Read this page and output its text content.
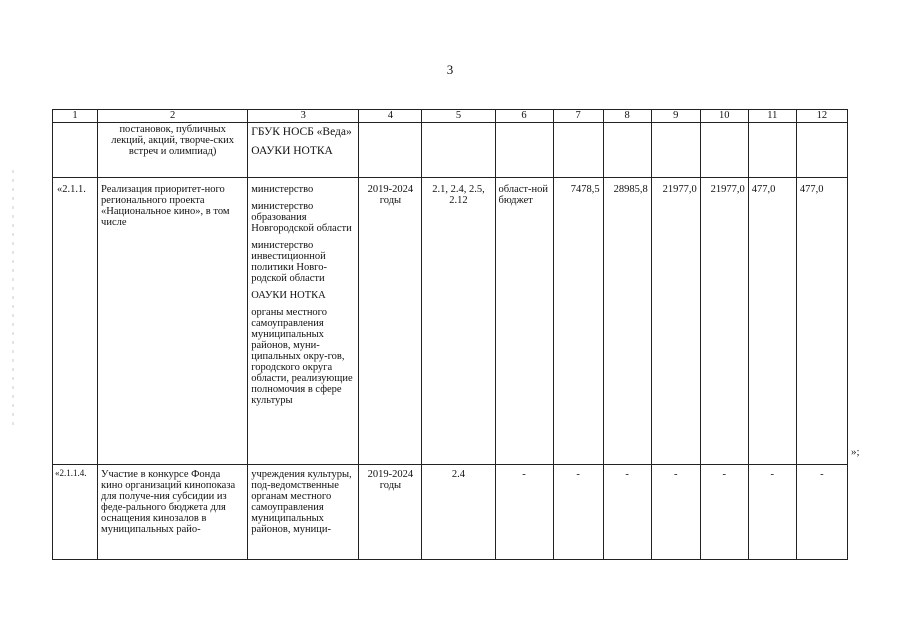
3
1	2	3	4	5	6	7	8	9	10	11	12
	постановок, публичных лекций, акций, творче-ских встреч и олимпиад)	ГБУК НОСБ «Веда»

ОАУКИ НОТКА									

«2.1.1.	Реализация приоритет-ного регионального проекта «Национальное кино», в том числе	министерство

министерство образования Новгородской области

министерство инвестиционной политики Новго-родской области

ОАУКИ НОТКА

органы местного самоуправления муниципальных районов, муни-ципальных окру-гов, городского округа области, реализующие полномочия в сфере культуры	2019-2024 годы	2.1, 2.4, 2.5, 2.12	област-ной бюджет	7478,5	28985,8	21977,0	21977,0	477,0	477,0
«2.1.1.4.	Участие в конкурсе Фонда кино организаций кинопоказа для получе-ния субсидии из феде-рального бюджета для оснащения кинозалов в муниципальных райо-	учреждения культуры, под-ведомственные органам местного самоуправления муниципальных районов, муници-	2019-2024 годы	2.4	-	-	-	-	-	-	-
»;
